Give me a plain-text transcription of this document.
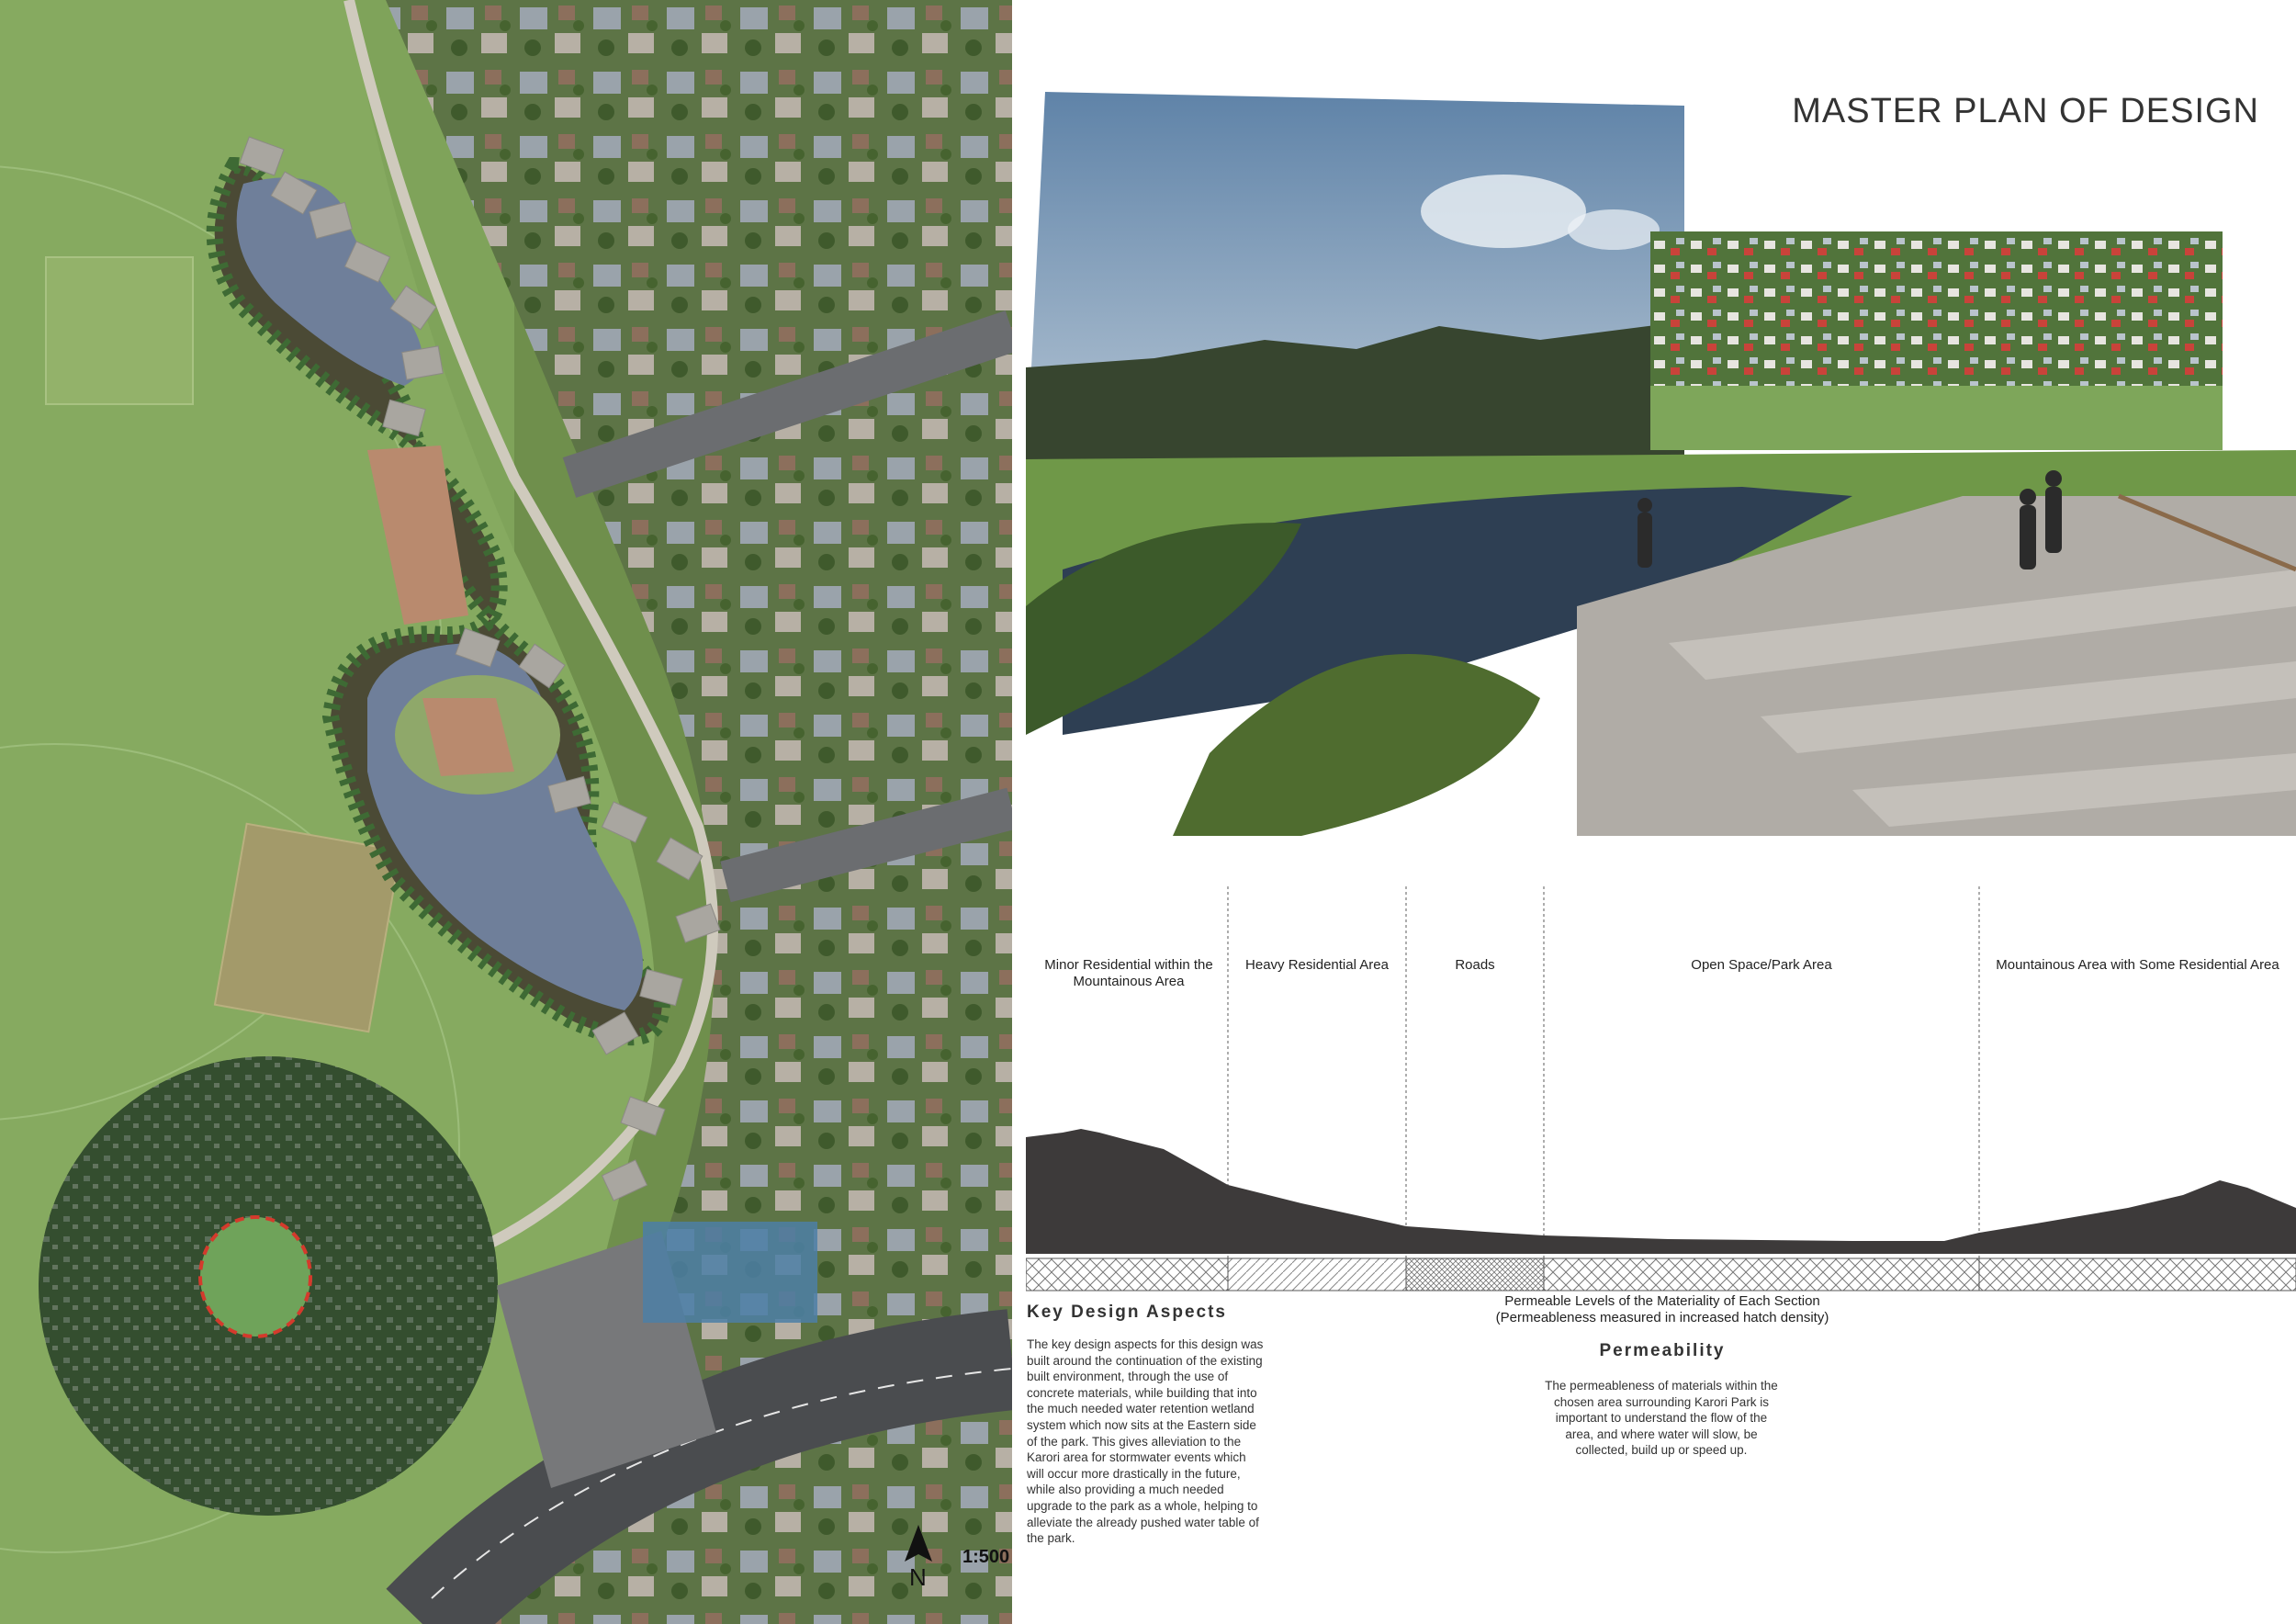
N
1:500
MASTER PLAN OF DESIGN
Minor Residential within the Mountainous Area
Heavy Residential Area	Roads	Open Space/Park Area	Mountainous Area with Some Residential Area
Permeable Levels of the Materiality of Each Section
(Permeableness measured in increased hatch density)
Key Design Aspects
The key design aspects for this design was built around the continuation of the existing built environment, through the use of concrete materials, while building that into the much needed water retention wetland system which now sits at the Eastern side of the park. This gives alleviation to the Karori area for stormwater events which will occur more drastically in the future, while also providing a much needed upgrade to the park as a whole, helping to alleviate the already pushed water table of the park.
Permeability
The permeableness of materials within the chosen area surrounding Karori Park is important to understand the flow of the area, and where water will slow, be collected, build up or speed up.
